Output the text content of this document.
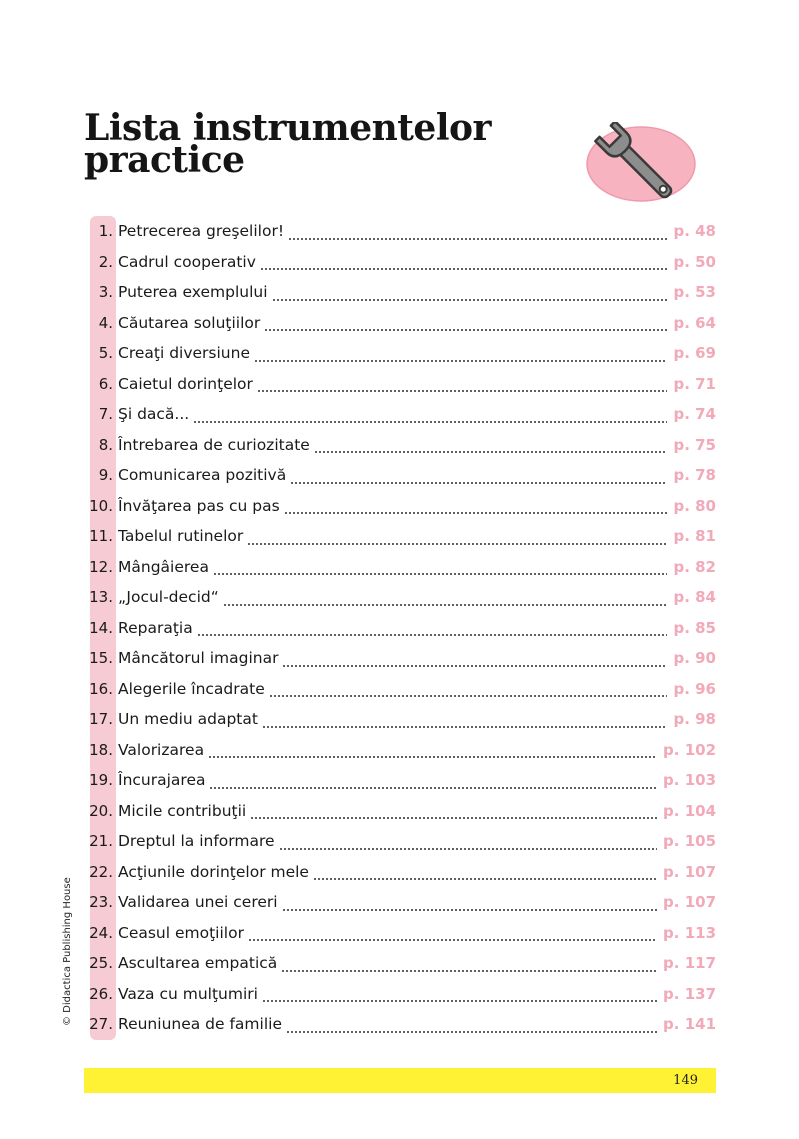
Lista instrumentelor
practice
1. Petrecerea greşelilor!	p. 48
2. Cadrul cooperativ	p. 50
3. Puterea exemplului	p. 53
4. Căutarea soluţiilor	p. 64
5. Creaţi diversiune	p. 69
6. Caietul dorinţelor	p. 71
7. Şi dacă...	p. 74
8. Întrebarea de curiozitate	p. 75
9. Comunicarea pozitivă	p. 78
10. Învăţarea pas cu pas	p. 80
11. Tabelul rutinelor	p. 81
12. Mângâierea	p. 82
13. „Jocul-decid“	p. 84
14. Reparaţia	p. 85
15. Mâncătorul imaginar	p. 90
16. Alegerile încadrate	p. 96
17. Un mediu adaptat	p. 98
18. Valorizarea	p. 102
19. Încurajarea	p. 103
20. Micile contribuţii	p. 104
21. Dreptul la informare	p. 105
22. Acţiunile dorinţelor mele	p. 107
23. Validarea unei cereri	p. 107
24. Ceasul emoţiilor	p. 113
25. Ascultarea empatică	p. 117
26. Vaza cu mulţumiri	p. 137
27. Reuniunea de familie	p. 141
© Didactica Publishing House
149
